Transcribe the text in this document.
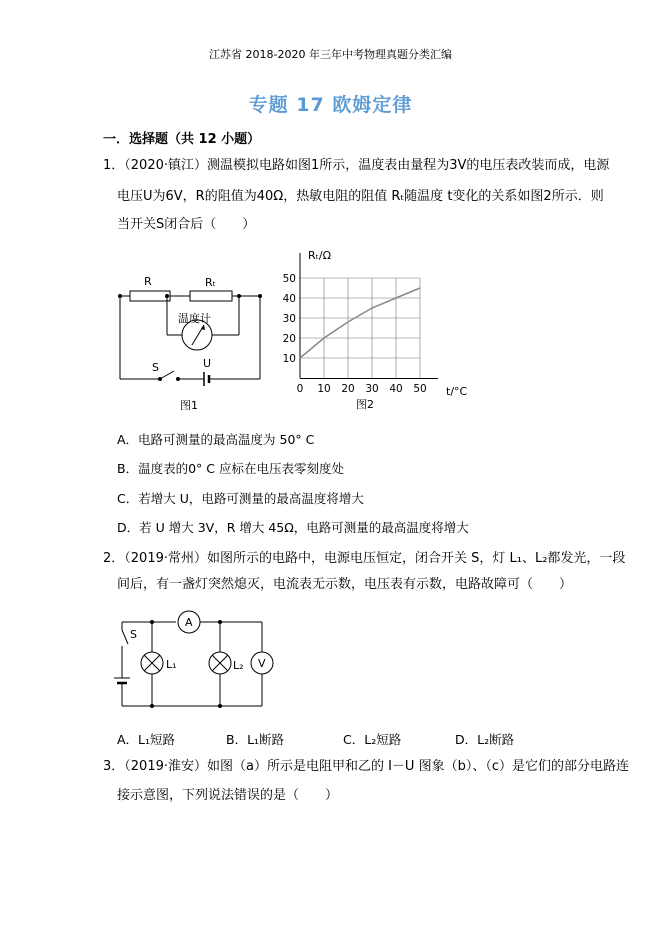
江苏省 2018-2020 年三年中考物理真题分类汇编
专题 17 欧姆定律
一．选择题（共 12 小题）
1．（2020·镇江）测温模拟电路如图1所示，温度表由量程为3V的电压表改装而成，电源
电压U为6V，R的阻值为40Ω，热敏电阻的阻值 Rₜ随温度 t变化的关系如图2所示．则
当开关S闭合后（　　）
R	Rₜ
温度计
S	U
图1
0 10 20 30 40 50
10
20
30
40
50
Rₜ/Ω
t/°C
图2
A．电路可测量的最高温度为 50° C
B．温度表的0° C 应标在电压表零刻度处
C．若增大 U，电路可测量的最高温度将增大
D．若 U 增大 3V，R 增大 45Ω，电路可测量的最高温度将增大
2．（2019·常州）如图所示的电路中，电源电压恒定，闭合开关 S，灯 L₁、L₂都发光，一段
间后，有一盏灯突然熄灭，电流表无示数，电压表有示数，电路故障可（　　）
A
S
L₁	L₂ V
A．L₁短路	B．L₁断路	C．L₂短路	D．L₂断路
3．（2019·淮安）如图（a）所示是电阻甲和乙的 I－U 图象（b）、（c）是它们的部分电路连
接示意图，下列说法错误的是（　　）
